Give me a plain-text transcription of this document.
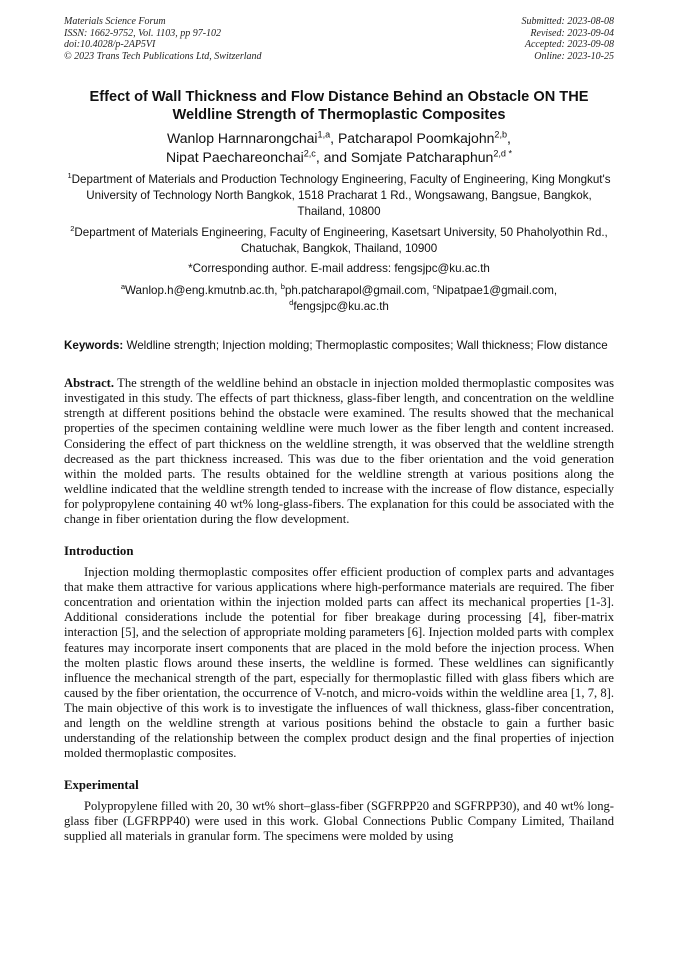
Materials Science Forum
ISSN: 1662-9752, Vol. 1103, pp 97-102
doi:10.4028/p-2AP5VI
© 2023 Trans Tech Publications Ltd, Switzerland
Submitted: 2023-08-08
Revised: 2023-09-04
Accepted: 2023-09-08
Online: 2023-10-25
Effect of Wall Thickness and Flow Distance Behind an Obstacle ON THE Weldline Strength of Thermoplastic Composites
Wanlop Harnnarongchai$^{1,a}$, Patcharapol Poomkajohn$^{2,b}$,
Nipat Paechareonchai$^{2,c}$, and Somjate Patcharaphun$^{2,d *}$
$^1$Department of Materials and Production Technology Engineering, Faculty of Engineering, King Mongkut's University of Technology North Bangkok, 1518 Pracharat 1 Rd., Wongsawang, Bangsue, Bangkok, Thailand, 10800
$^2$Department of Materials Engineering, Faculty of Engineering, Kasetsart University, 50 Phaholyothin Rd., Chatuchak, Bangkok, Thailand, 10900
*Corresponding author. E-mail address: fengsjpc@ku.ac.th
$^a$Wanlop.h@eng.kmutnb.ac.th, $^b$ph.patcharapol@gmail.com, $^c$Nipatpae1@gmail.com,
$^d$fengsjpc@ku.ac.th
Keywords: Weldline strength; Injection molding; Thermoplastic composites; Wall thickness; Flow distance
Abstract. The strength of the weldline behind an obstacle in injection molded thermoplastic composites was investigated in this study. The effects of part thickness, glass-fiber length, and concentration on the weldline strength at different positions behind the obstacle were examined. The results showed that the mechanical properties of the specimen containing weldline were much lower as the fiber length and content increased. Considering the effect of part thickness on the weldline strength, it was observed that the weldline strength decreased as the part thickness increased. This was due to the fiber orientation and the void generation within the molded parts. The results obtained for the weldline strength at various positions along the weldline indicated that the weldline strength tended to increase with the increase of flow distance, especially for polypropylene containing 40 wt% long-glass-fibers. The explanation for this could be associated with the change in fiber orientation during the flow development.
Introduction
Injection molding thermoplastic composites offer efficient production of complex parts and advantages that make them attractive for various applications where high-performance materials are required. The fiber concentration and orientation within the injection molded parts can affect its mechanical properties [1-3]. Additional considerations include the potential for fiber breakage during processing [4], fiber-matrix interaction [5], and the selection of appropriate molding parameters [6]. Injection molded parts with complex features may incorporate insert components that are placed in the mold before the injection process. When the molten plastic flows around these inserts, the weldline is formed. These weldlines can significantly influence the mechanical strength of the part, especially for thermoplastic filled with glass fibers which are caused by the fiber orientation, the occurrence of V-notch, and micro-voids within the weldline area [1, 7, 8]. The main objective of this work is to investigate the influences of wall thickness, glass-fiber concentration, and length on the weldline strength at various positions behind the obstacle to gain a further basic understanding of the relationship between the complex product design and the final properties of injection molded thermoplastic composites.
Experimental
Polypropylene filled with 20, 30 wt% short–glass-fiber (SGFRPP20 and SGFRPP30), and 40 wt% long-glass fiber (LGFRPP40) were used in this work. Global Connections Public Company Limited, Thailand supplied all materials in granular form. The specimens were molded by using
